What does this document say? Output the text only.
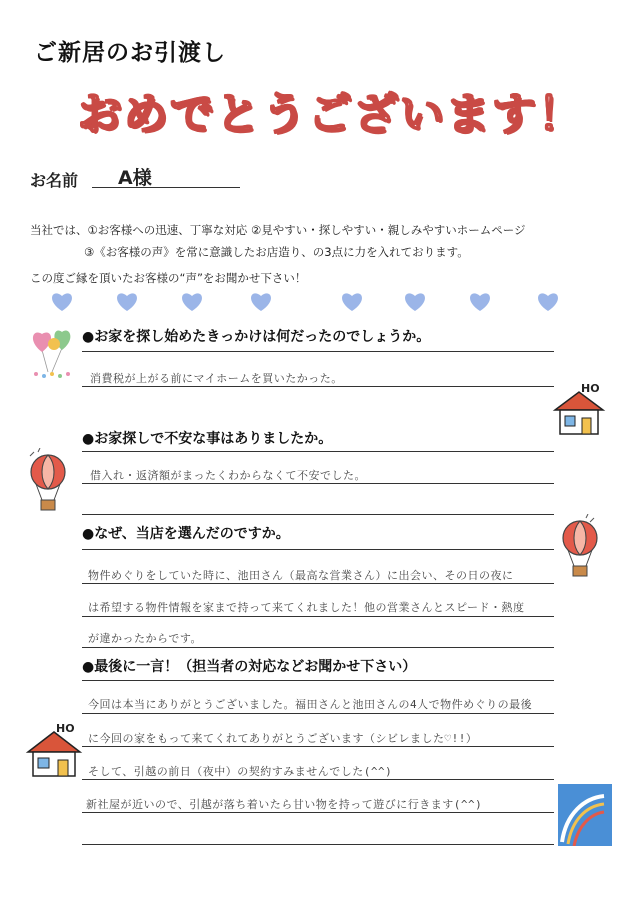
ご新居のお引渡し
おめでとうございます！
お名前 A様
当社では、①お客様への迅速、丁寧な対応 ②見やすい・探しやすい・親しみやすいホームページ
③《お客様の声》を常に意識したお店造り、の3点に力を入れております。
この度ご縁を頂いたお客様の“声”をお聞かせ下さい！
●お家を探し始めたきっかけは何だったのでしょうか。
消費税が上がる前にマイホームを買いたかった。
●お家探しで不安な事はありましたか。
借入れ・返済額がまったくわからなくて不安でした。
●なぜ、当店を選んだのですか。
物件めぐりをしていた時に、池田さん（最高な営業さん）に出会い、その日の夜に
は希望する物件情報を家まで持って来てくれました！他の営業さんとスピード・熱度
が違かったからです。
●最後に一言！（担当者の対応などお聞かせ下さい）
今回は本当にありがとうございました。福田さんと池田さんの4人で物件めぐりの最後
に今回の家をもって来てくれてありがとうございます（シビレました♡!!）
そして、引越の前日（夜中）の契約すみませんでした(^^)
新社屋が近いので、引越が落ち着いたら甘い物を持って遊びに行きます(^^)
HO
HO
